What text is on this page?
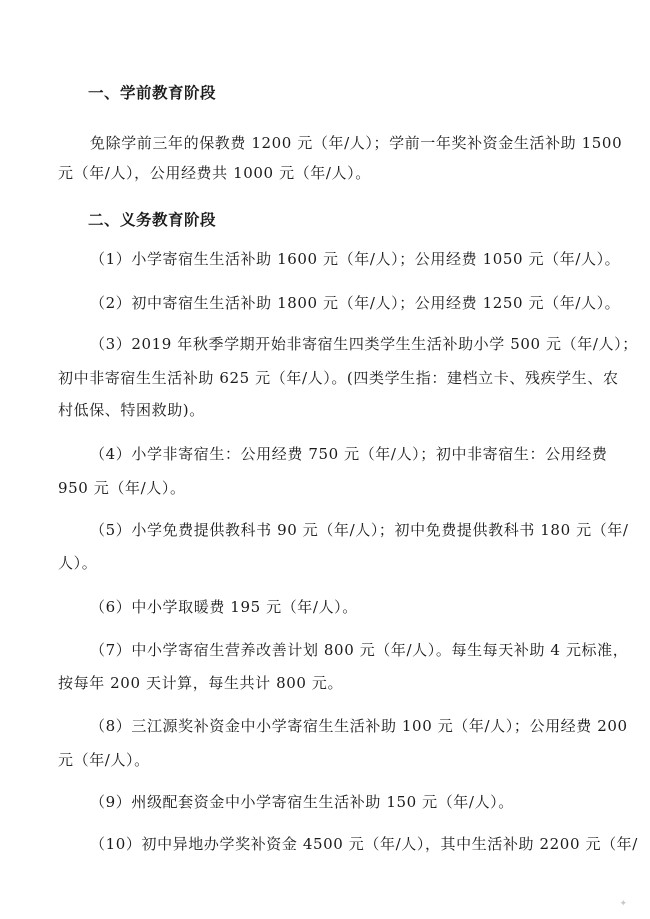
一、学前教育阶段
免除学前三年的保教费 1200 元（年/人）；学前一年奖补资金生活补助 1500
元（年/人），公用经费共 1000 元（年/人）。
二、义务教育阶段
（1）小学寄宿生生活补助 1600 元（年/人）；公用经费 1050 元（年/人）。
（2）初中寄宿生生活补助 1800 元（年/人）；公用经费 1250 元（年/人）。
（3）2019 年秋季学期开始非寄宿生四类学生生活补助小学 500 元（年/人）；
初中非寄宿生生活补助 625 元（年/人）。(四类学生指：建档立卡、残疾学生、农
村低保、特困救助)。
（4）小学非寄宿生：公用经费 750 元（年/人）；初中非寄宿生：公用经费
950 元（年/人）。
（5）小学免费提供教科书 90 元（年/人）；初中免费提供教科书 180 元（年/
人）。
（6）中小学取暖费 195 元（年/人）。
（7）中小学寄宿生营养改善计划 800 元（年/人）。每生每天补助 4 元标准，
按每年 200 天计算，每生共计 800 元。
（8）三江源奖补资金中小学寄宿生生活补助 100 元（年/人）；公用经费 200
元（年/人）。
（9）州级配套资金中小学寄宿生生活补助 150 元（年/人）。
（10）初中异地办学奖补资金 4500 元（年/人），其中生活补助 2200 元（年/
✦
